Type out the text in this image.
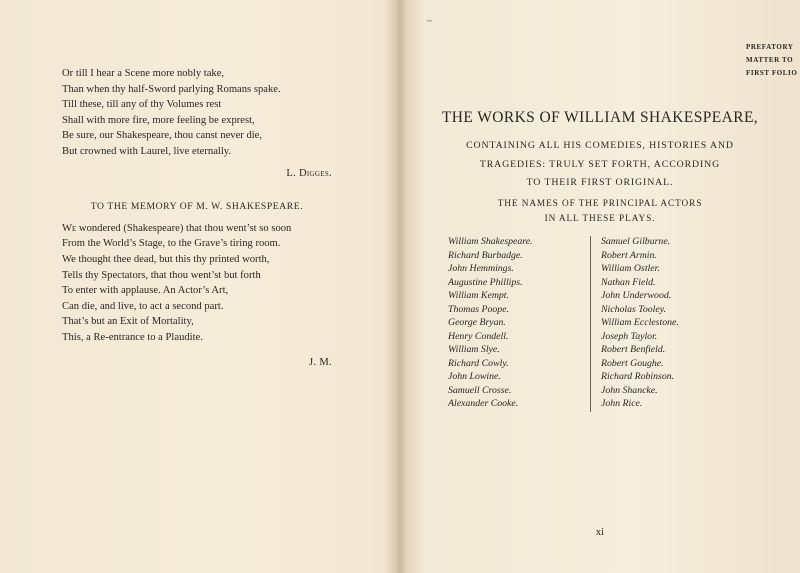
Or till I hear a Scene more nobly take,
Than when thy half-Sword parlying Romans spake.
Till these, till any of thy Volumes rest
Shall with more fire, more feeling be exprest,
Be sure, our Shakespeare, thou canst never die,
But crowned with Laurel, live eternally.
L. Digges.
TO THE MEMORY OF M. W. SHAKESPEARE.
We wondered (Shakespeare) that thou went’st so soon
From the World’s Stage, to the Grave’s tiring room.
We thought thee dead, but this thy printed worth,
Tells thy Spectators, that thou went’st but forth
To enter with applause. An Actor’s Art,
Can die, and live, to act a second part.
That’s but an Exit of Mortality,
This, a Re-entrance to a Plaudite.
J. M.
~
PREFATORY
MATTER TO
FIRST FOLIO
THE WORKS OF WILLIAM SHAKESPEARE,
CONTAINING ALL HIS COMEDIES, HISTORIES AND
TRAGEDIES: TRULY SET FORTH, ACCORDING
TO THEIR FIRST ORIGINAL.
THE NAMES OF THE PRINCIPAL ACTORS
IN ALL THESE PLAYS.
William Shakespeare.
Richard Burbadge.
John Hemmings.
Augustine Phillips.
William Kempt.
Thomas Poope.
George Bryan.
Henry Condell.
William Slye.
Richard Cowly.
John Lowine.
Samuell Crosse.
Alexander Cooke.
Samuel Gilburne.
Robert Armin.
William Ostler.
Nathan Field.
John Underwood.
Nicholas Tooley.
William Ecclestone.
Joseph Taylor.
Robert Benfield.
Robert Goughe.
Richard Robinson.
John Shancke.
John Rice.
xi
